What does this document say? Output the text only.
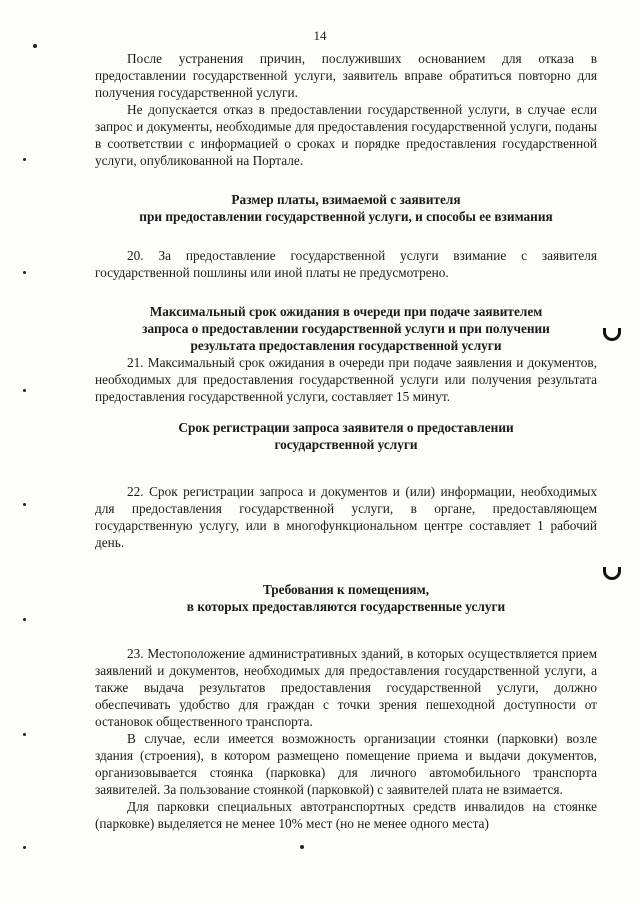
14

После устранения причин, послуживших основанием для отказа в предоставлении государственной услуги, заявитель вправе обратиться повторно для получения государственной услуги.

Не допускается отказ в предоставлении государственной услуги, в случае если запрос и документы, необходимые для предоставления государственной услуги, поданы в соответствии с информацией о сроках и порядке предоставления государственной услуги, опубликованной на Портале.

Размер платы, взимаемой с заявителя
при предоставлении государственной услуги, и способы ее взимания

20. За предоставление государственной услуги взимание с заявителя государственной пошлины или иной платы не предусмотрено.

Максимальный срок ожидания в очереди при подаче заявителем
запроса о предоставлении государственной услуги и при получении
результата предоставления государственной услуги

21. Максимальный срок ожидания в очереди при подаче заявления и документов, необходимых для предоставления государственной услуги или получения результата предоставления государственной услуги, составляет 15 минут.

Срок регистрации запроса заявителя о предоставлении
государственной услуги

22. Срок регистрации запроса и документов и (или) информации, необходимых для предоставления государственной услуги, в органе, предоставляющем государственную услугу, или в многофункциональном центре составляет 1 рабочий день.

Требования к помещениям,
в которых предоставляются государственные услуги

23. Местоположение административных зданий, в которых осуществляется прием заявлений и документов, необходимых для предоставления государственной услуги, а также выдача результатов предоставления государственной услуги, должно обеспечивать удобство для граждан с точки зрения пешеходной доступности от остановок общественного транспорта.

В случае, если имеется возможность организации стоянки (парковки) возле здания (строения), в котором размещено помещение приема и выдачи документов, организовывается стоянка (парковка) для личного автомобильного транспорта заявителей. За пользование стоянкой (парковкой) с заявителей плата не взимается.

Для парковки специальных автотранспортных средств инвалидов на стоянке (парковке) выделяется не менее 10% мест (но не менее одного места)
